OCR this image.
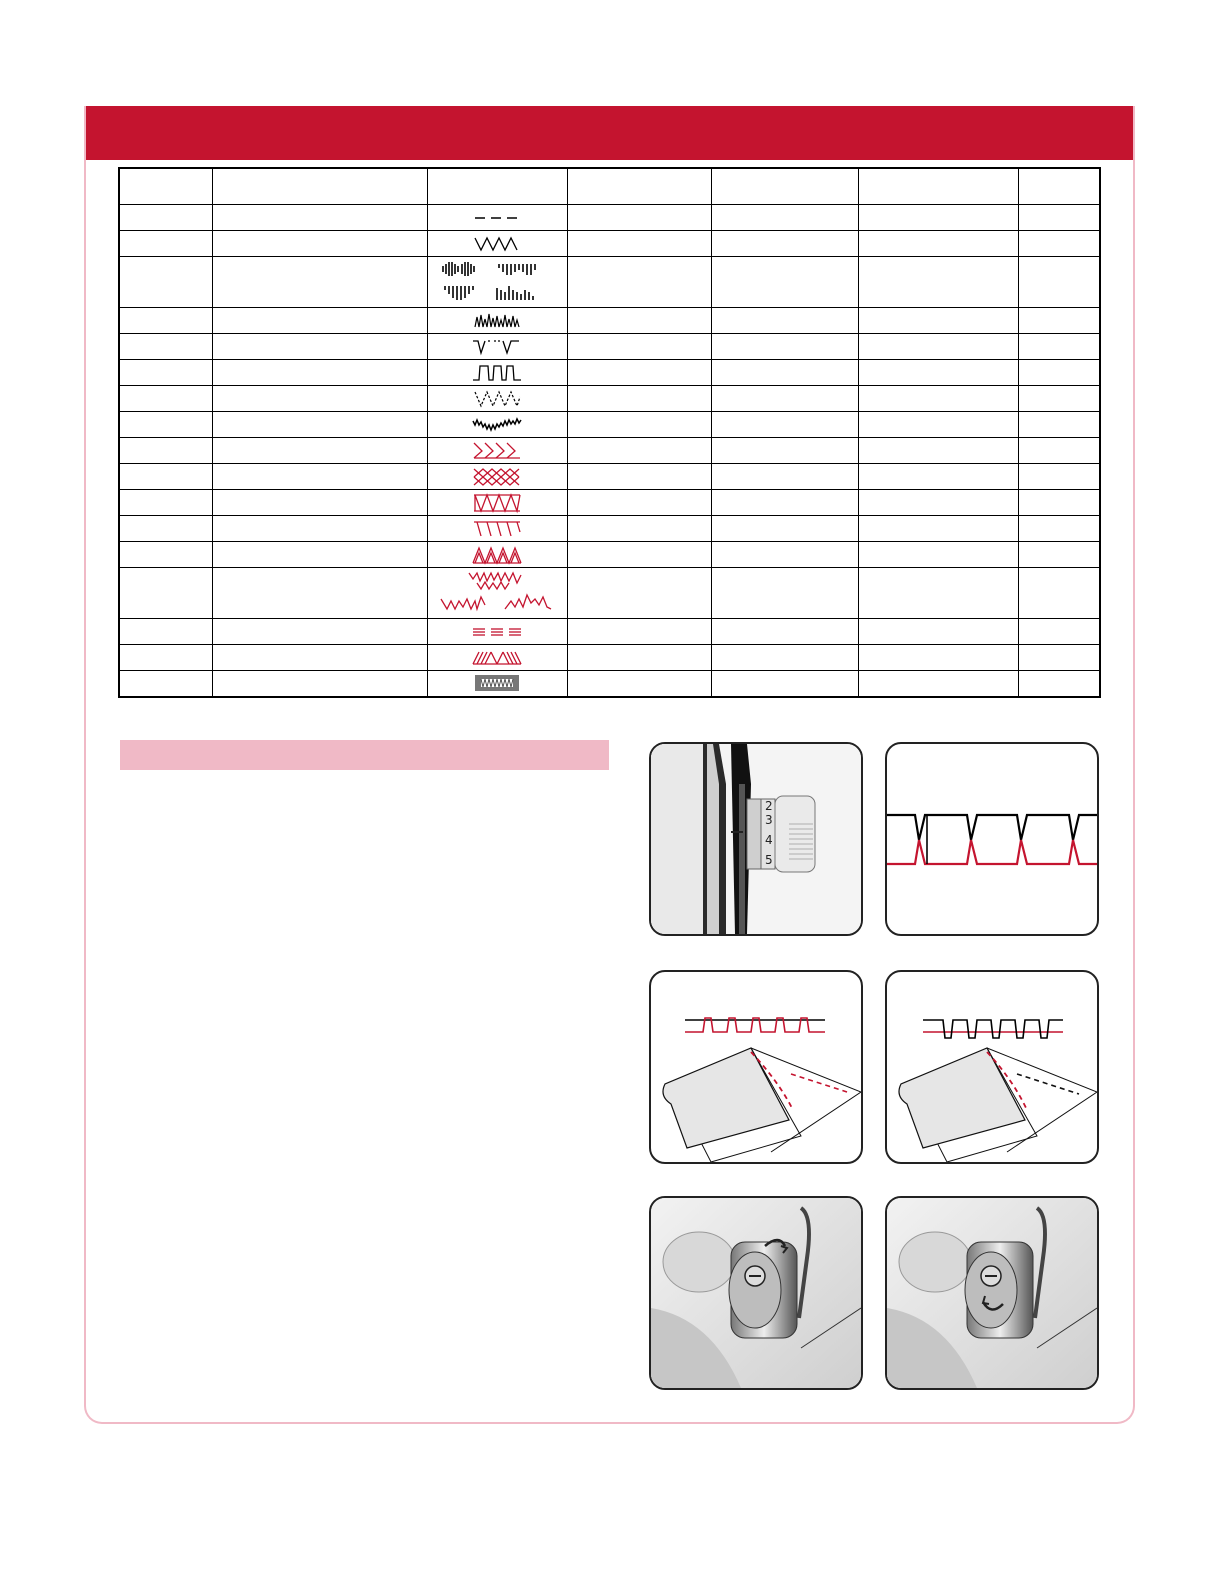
2
3
4
5
